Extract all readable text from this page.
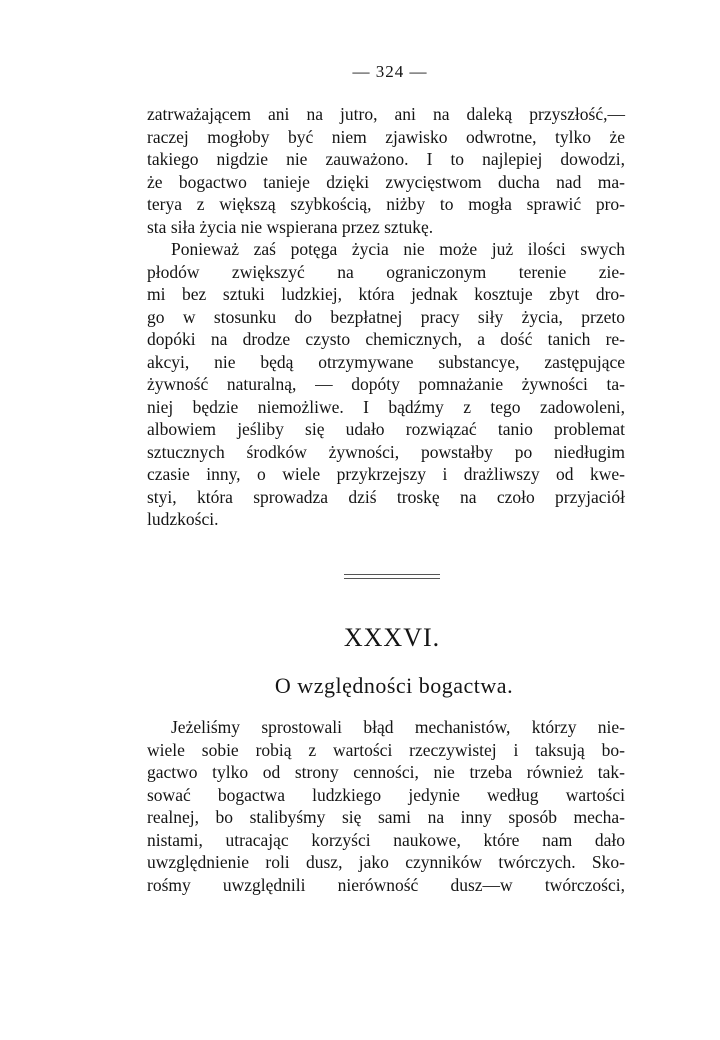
— 324 —
zatrważającem ani na jutro, ani na daleką przyszłość,—
raczej mogłoby być niem zjawisko odwrotne, tylko że
takiego nigdzie nie zauważono. I to najlepiej dowodzi,
że bogactwo tanieje dzięki zwycięstwom ducha nad ma-
terya z większą szybkością, niżby to mogła sprawić pro-
sta siła życia nie wspierana przez sztukę.
Ponieważ zaś potęga życia nie może już ilości swych
płodów zwiększyć na ograniczonym terenie zie-
mi bez sztuki ludzkiej, która jednak kosztuje zbyt dro-
go w stosunku do bezpłatnej pracy siły życia, przeto
dopóki na drodze czysto chemicznych, a dość tanich re-
akcyi, nie będą otrzymywane substancye, zastępujące
żywność naturalną, — dopóty pomnażanie żywności ta-
niej będzie niemożliwe. I bądźmy z tego zadowoleni,
albowiem jeśliby się udało rozwiązać tanio problemat
sztucznych środków żywności, powstałby po niedługim
czasie inny, o wiele przykrzejszy i drażliwszy od kwe-
styi, która sprowadza dziś troskę na czoło przyjaciół
ludzkości.
XXXVI.
O względności bogactwa.
Jeżeliśmy sprostowali błąd mechanistów, którzy nie-
wiele sobie robią z wartości rzeczywistej i taksują bo-
gactwo tylko od strony cenności, nie trzeba również tak-
sować bogactwa ludzkiego jedynie według wartości
realnej, bo stalibyśmy się sami na inny sposób mecha-
nistami, utracając korzyści naukowe, które nam dało
uwzględnienie roli dusz, jako czynników twórczych. Sko-
rośmy uwzględnili nierówność dusz—w twórczości,
